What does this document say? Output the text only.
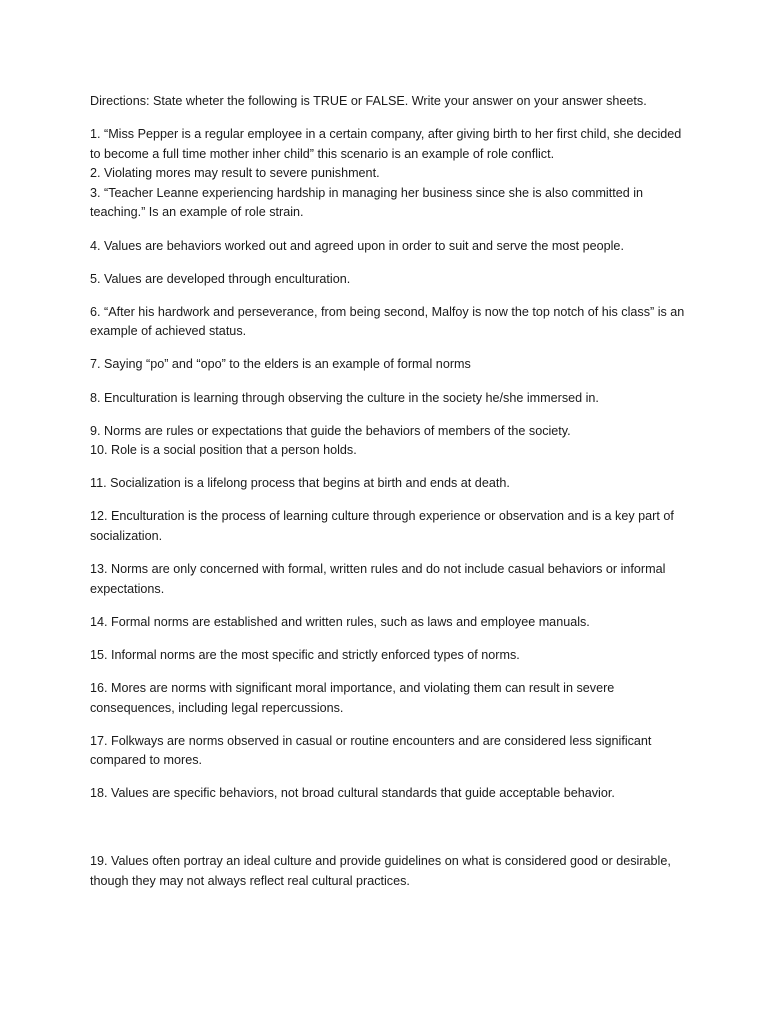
Directions: State wheter the following is TRUE or FALSE. Write your answer on your answer sheets.

1. “Miss Pepper is a regular employee in a certain company, after giving birth to her first child, she decided to become a full time mother inher child” this scenario is an example of role conflict.
2. Violating mores may result to severe punishment.
3. “Teacher Leanne experiencing hardship in managing her business since she is also committed in teaching.” Is an example of role strain.

4. Values are behaviors worked out and agreed upon in order to suit and serve the most people.

5. Values are developed through enculturation.

6. “After his hardwork and perseverance, from being second, Malfoy is now the top notch of his class” is an example of achieved status.

7. Saying “po” and “opo” to the elders is an example of formal norms

8. Enculturation is learning through observing the culture in the society he/she immersed in.

9. Norms are rules or expectations that guide the behaviors of members of the society.
10. Role is a social position that a person holds.

11. Socialization is a lifelong process that begins at birth and ends at death.

12. Enculturation is the process of learning culture through experience or observation and is a key part of socialization.

13. Norms are only concerned with formal, written rules and do not include casual behaviors or informal expectations.

14. Formal norms are established and written rules, such as laws and employee manuals.

15. Informal norms are the most specific and strictly enforced types of norms.

16. Mores are norms with significant moral importance, and violating them can result in severe consequences, including legal repercussions.

17. Folkways are norms observed in casual or routine encounters and are considered less significant compared to mores.

18. Values are specific behaviors, not broad cultural standards that guide acceptable behavior.

19. Values often portray an ideal culture and provide guidelines on what is considered good or desirable, though they may not always reflect real cultural practices.
